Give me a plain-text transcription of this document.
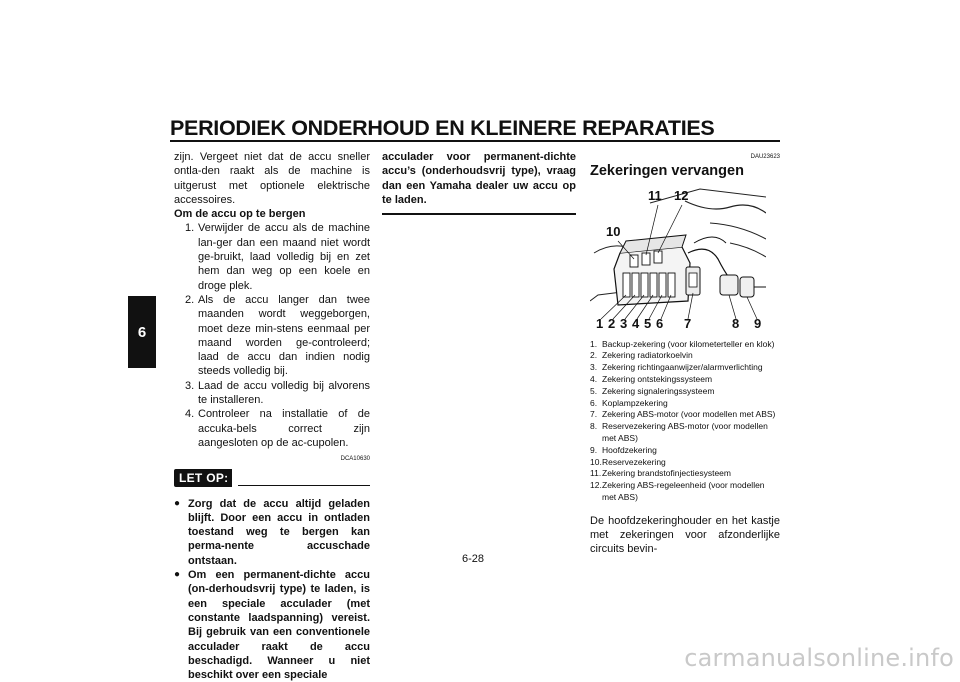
PERIODIEK ONDERHOUD EN KLEINERE REPARATIES
6

zijn. Vergeet niet dat de accu sneller ontla-den raakt als de machine is uitgerust met optionele elektrische accessoires.

Om de accu op te bergen
1. Verwijder de accu als de machine lan-ger dan een maand niet wordt ge-bruikt, laad volledig bij en zet hem dan weg op een koele en droge plek.
2. Als de accu langer dan twee maanden wordt weggeborgen, moet deze min-stens eenmaal per maand worden ge-controleerd; laad de accu dan indien nodig steeds volledig bij.
3. Laad de accu volledig bij alvorens te installeren.
4. Controleer na installatie of de accuka-bels correct zijn aangesloten op de ac-cupolen.
DCA10630
LET OP:
● Zorg dat de accu altijd geladen blijft. Door een accu in ontladen toestand weg te bergen kan perma-nente accuschade ontstaan.
● Om een permanent-dichte accu (on-derhoudsvrij type) te laden, is een speciale acculader (met constante laadspanning) vereist. Bij gebruik van een conventionele acculader raakt de accu beschadigd. Wanneer u niet beschikt over een speciale

acculader voor permanent-dichte accu’s (onderhoudsvrij type), vraag dan een Yamaha dealer uw accu op te laden.

DAU23623
Zekeringen vervangen
11 12
10
1 2 3 4 5 6 7	8 9
1. Backup-zekering (voor kilometerteller en klok)
2. Zekering radiatorkoelvin
3. Zekering richtingaanwijzer/alarmverlichting
4. Zekering ontstekingssysteem
5. Zekering signaleringssysteem
6. Koplampzekering
7. Zekering ABS-motor (voor modellen met ABS)
8. Reservezekering ABS-motor (voor modellen met ABS)
9. Hoofdzekering
10. Reservezekering
11. Zekering brandstofinjectiesysteem
12. Zekering ABS-regeleenheid (voor modellen met ABS)

De hoofdzekeringhouder en het kastje met zekeringen voor afzonderlijke circuits bevin-

6-28
carmanualsonline.info
